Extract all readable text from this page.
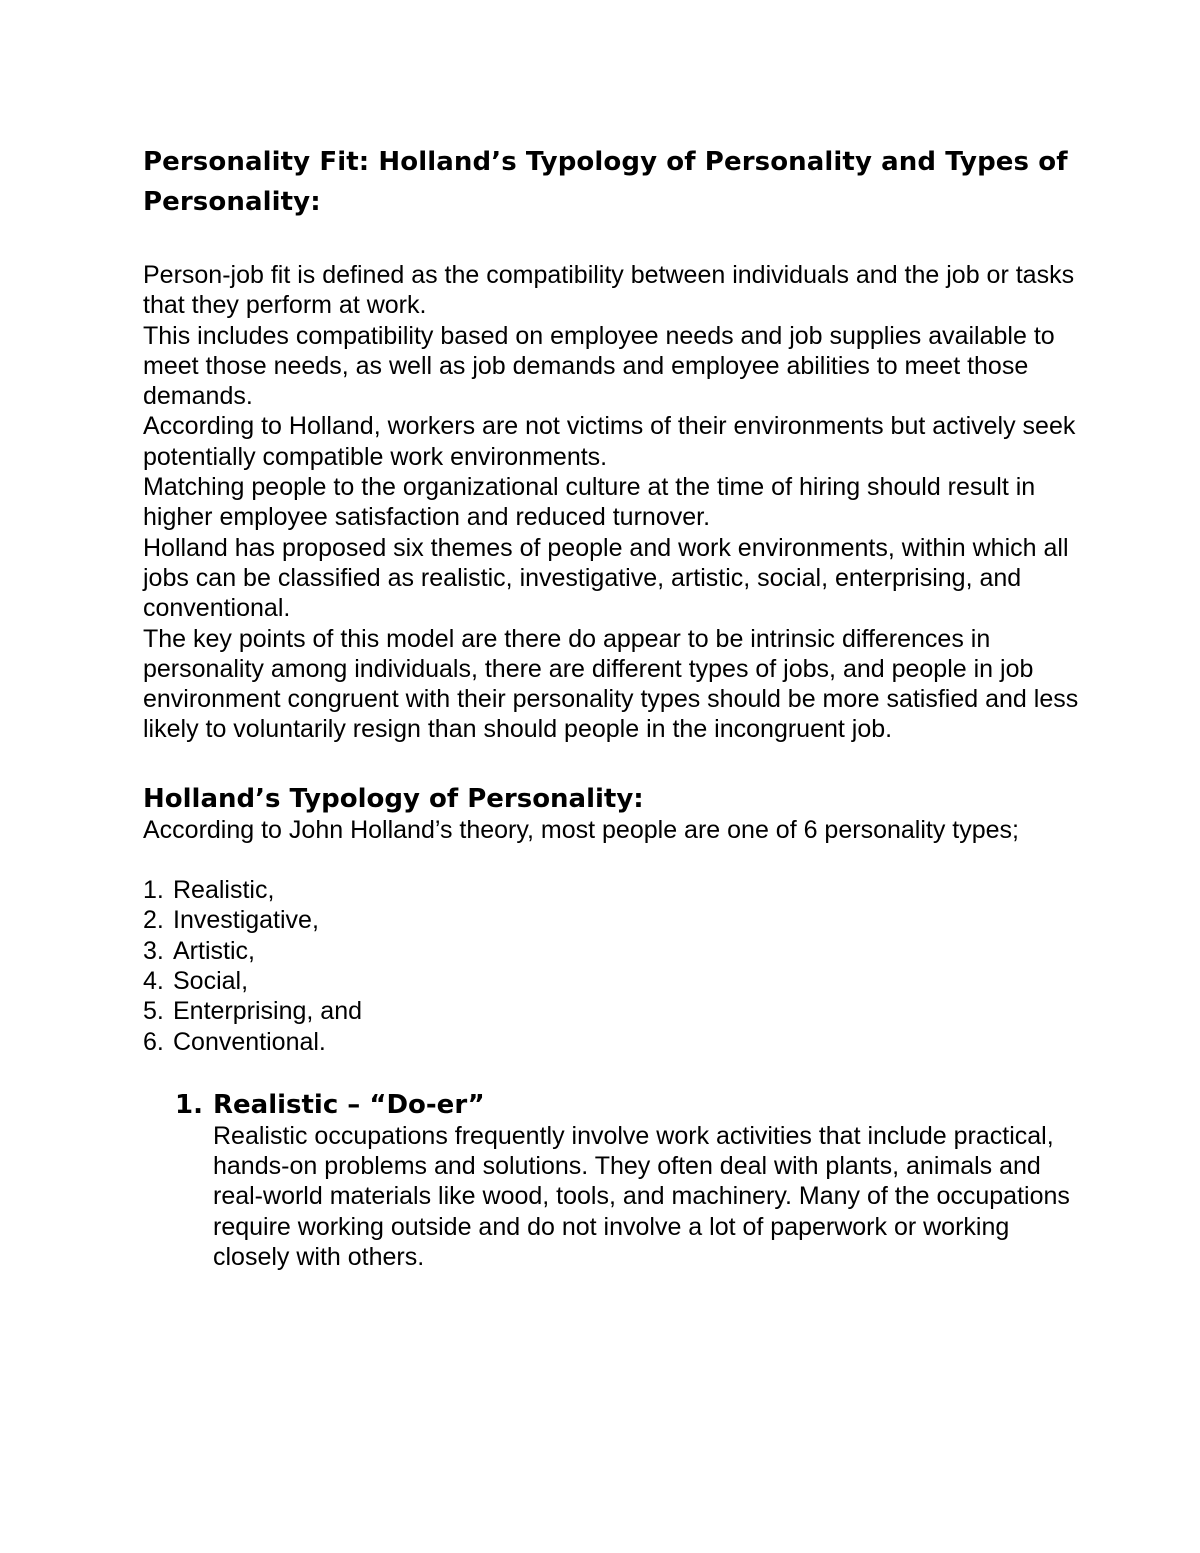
Personality Fit: Holland’s Typology of Personality and Types of Personality:

Person-job fit is defined as the compatibility between individuals and the job or tasks that they perform at work.

This includes compatibility based on employee needs and job supplies available to meet those needs, as well as job demands and employee abilities to meet those demands.

According to Holland, workers are not victims of their environments but actively seek potentially compatible work environments.

Matching people to the organizational culture at the time of hiring should result in higher employee satisfaction and reduced turnover.

Holland has proposed six themes of people and work environments, within which all jobs can be classified as realistic, investigative, artistic, social, enterprising, and conventional.

The key points of this model are there do appear to be intrinsic differences in personality among individuals, there are different types of jobs, and people in job environment congruent with their personality types should be more satisfied and less likely to voluntarily resign than should people in the incongruent job.

Holland’s Typology of Personality:

According to John Holland’s theory, most people are one of 6 personality types;

1. Realistic,
2. Investigative,
3. Artistic,
4. Social,
5. Enterprising, and
6. Conventional.
1. Realistic – “Do-er”

Realistic occupations frequently involve work activities that include practical, hands-on problems and solutions. They often deal with plants, animals and real-world materials like wood, tools, and machinery. Many of the occupations require working outside and do not involve a lot of paperwork or working closely with others.
